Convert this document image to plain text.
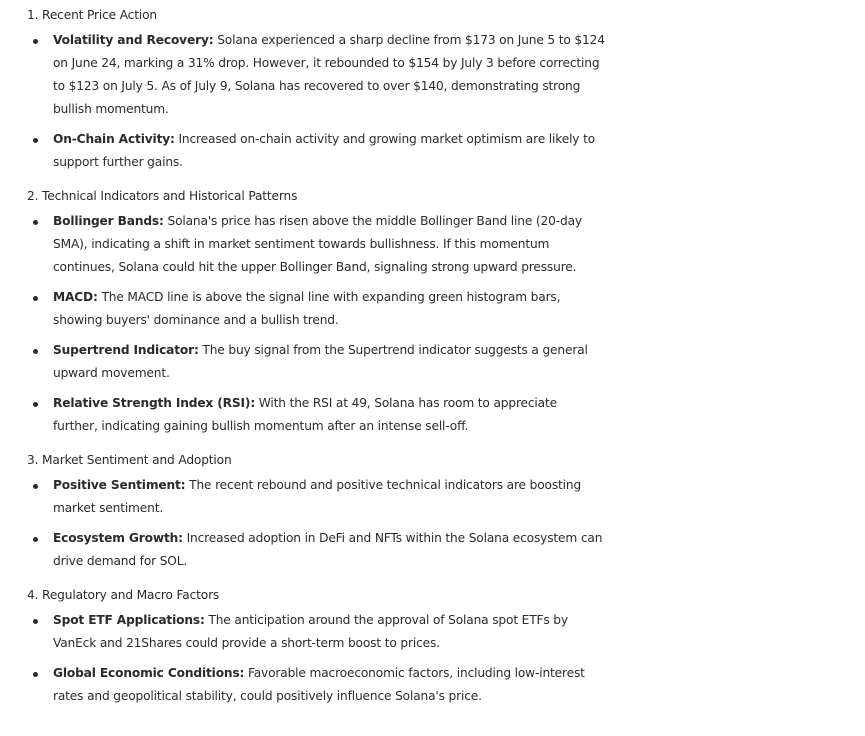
1. Recent Price Action
Volatility and Recovery: Solana experienced a sharp decline from $173 on June 5 to $124 on June 24, marking a 31% drop. However, it rebounded to $154 by July 3 before correcting to $123 on July 5. As of July 9, Solana has recovered to over $140, demonstrating strong bullish momentum.
On-Chain Activity: Increased on-chain activity and growing market optimism are likely to support further gains.
2. Technical Indicators and Historical Patterns
Bollinger Bands: Solana's price has risen above the middle Bollinger Band line (20-day SMA), indicating a shift in market sentiment towards bullishness. If this momentum continues, Solana could hit the upper Bollinger Band, signaling strong upward pressure.
MACD: The MACD line is above the signal line with expanding green histogram bars, showing buyers' dominance and a bullish trend.
Supertrend Indicator: The buy signal from the Supertrend indicator suggests a general upward movement.
Relative Strength Index (RSI): With the RSI at 49, Solana has room to appreciate further, indicating gaining bullish momentum after an intense sell-off.
3. Market Sentiment and Adoption
Positive Sentiment: The recent rebound and positive technical indicators are boosting market sentiment.
Ecosystem Growth: Increased adoption in DeFi and NFTs within the Solana ecosystem can drive demand for SOL.
4. Regulatory and Macro Factors
Spot ETF Applications: The anticipation around the approval of Solana spot ETFs by VanEck and 21Shares could provide a short-term boost to prices.
Global Economic Conditions: Favorable macroeconomic factors, including low-interest rates and geopolitical stability, could positively influence Solana's price.
